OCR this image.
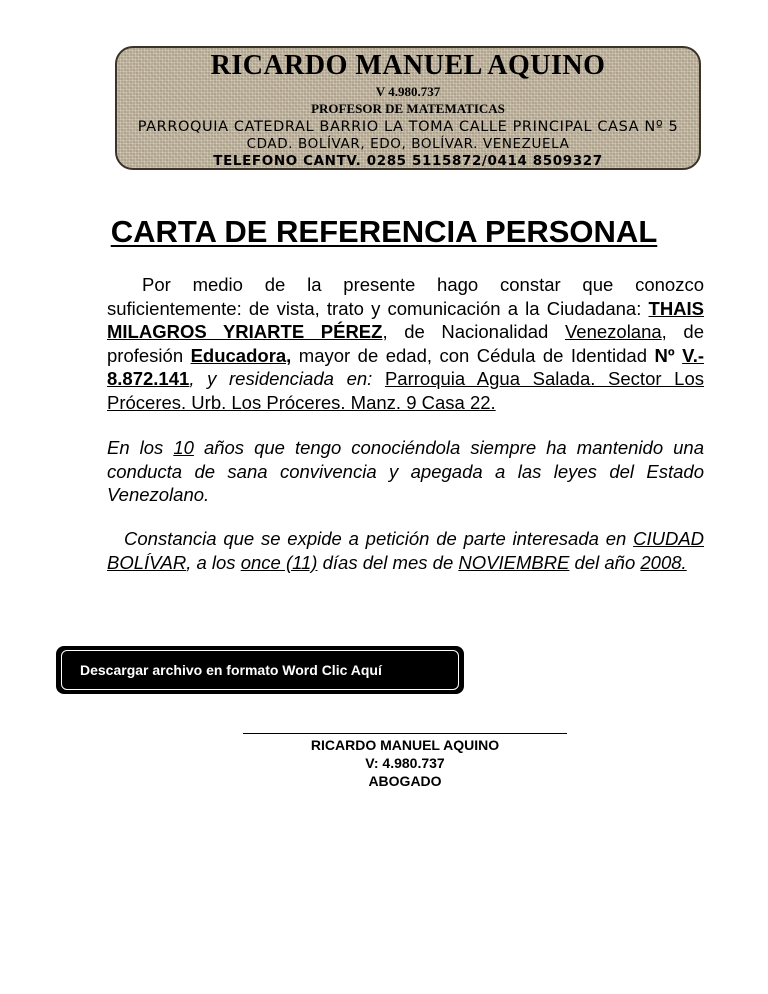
RICARDO MANUEL AQUINO
V 4.980.737
PROFESOR DE MATEMATICAS
PARROQUIA CATEDRAL BARRIO LA TOMA CALLE PRINCIPAL CASA Nº 5
CDAD. BOLÍVAR, EDO, BOLÍVAR. VENEZUELA
TELEFONO CANTV. 0285 5115872/0414 8509327
CARTA DE REFERENCIA PERSONAL
Por medio de la presente hago constar que conozco suficientemente: de vista, trato y comunicación a la Ciudadana: THAIS MILAGROS YRIARTE PÉREZ, de Nacionalidad Venezolana, de profesión Educadora, mayor de edad, con Cédula de Identidad Nº V.- 8.872.141, y residenciada en: Parroquia Agua Salada. Sector Los Próceres. Urb. Los Próceres. Manz. 9 Casa 22.
En los 10 años que tengo conociéndola siempre ha mantenido una conducta de sana convivencia y apegada a las leyes del Estado Venezolano.
Constancia que se expide a petición de parte interesada en CIUDAD BOLÍVAR, a los once (11) días del mes de NOVIEMBRE del año 2008.
Descargar archivo en formato Word Clic Aquí
RICARDO MANUEL AQUINO
V: 4.980.737
ABOGADO
